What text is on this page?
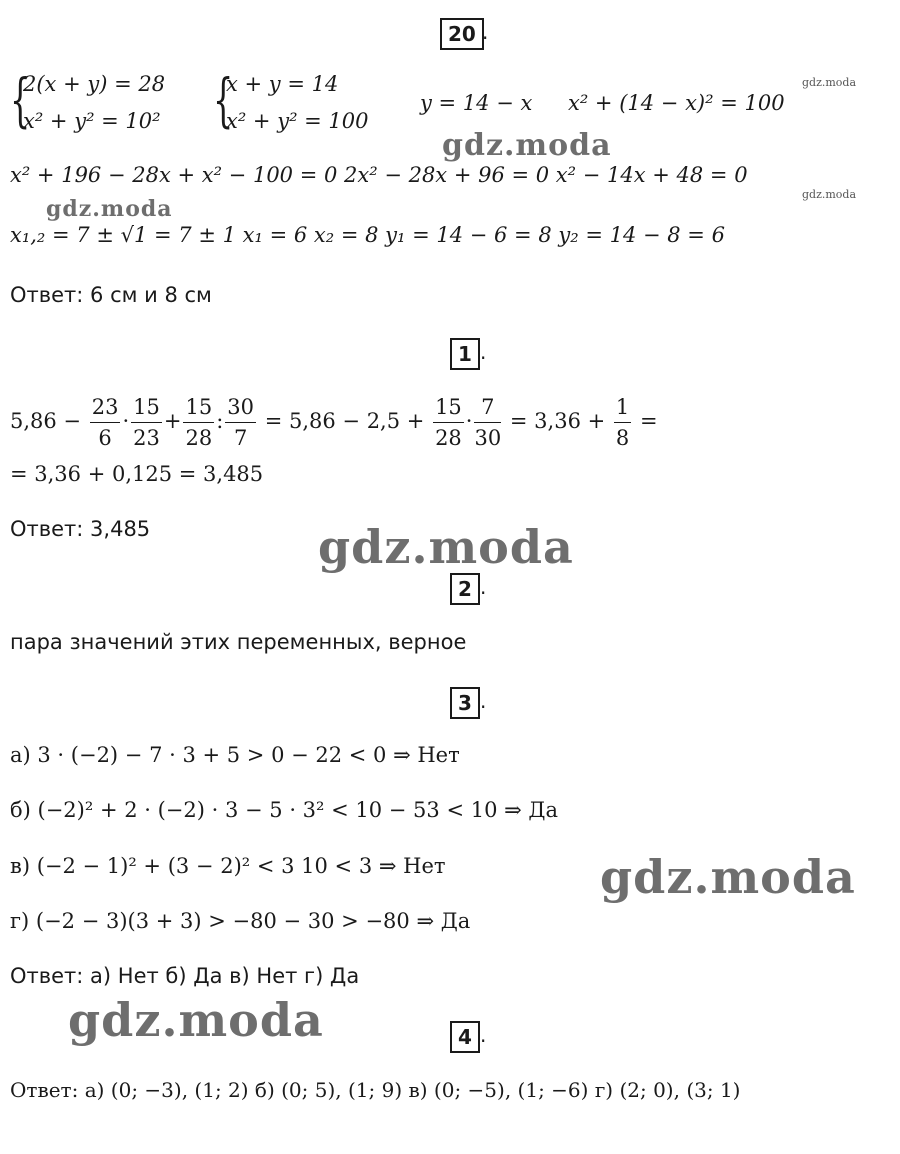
20 .
{
2(x + y) = 28
x² + y² = 10² {
x + y = 14
x² + y² = 100
y = 14 − x x² + (14 − x)² = 100
x² + 196 − 28x + x² − 100 = 0 2x² − 28x + 96 = 0 x² − 14x + 48 = 0
x₁,₂ = 7 ± √1 = 7 ± 1 x₁ = 6 x₂ = 8 y₁ = 14 − 6 = 8 y₂ = 14 − 8 = 6
Ответ: 6 см и 8 см
1 .
$5,86 - \frac{23}{6} \cdot \frac{15}{23} + \frac{15}{28}$ : $\frac{30}{7} = 5,86 - 2,5 + \frac{15}{28} \cdot \frac{7}{30} = 3,36 + \frac{1}{8}$ =
= 3,36 + 0,125 = 3,485
Ответ: 3,485
2 .
пара значений этих переменных, верное
3 .
а) 3 · (−2) − 7 · 3 + 5 > 0 − 22 < 0 ⇒ Нет
б) (−2)² + 2 · (−2) · 3 − 5 · 3² < 10 − 53 < 10 ⇒ Да
в) (−2 − 1)² + (3 − 2)² < 3 10 < 3 ⇒ Нет
г) (−2 − 3)(3 + 3) > −80 − 30 > −80 ⇒ Да
Ответ: а) Нет б) Да в) Нет г) Да
4 .
Ответ: а) (0; −3), (1; 2) б) (0; 5), (1; 9) в) (0; −5), (1; −6) г) (2; 0), (3; 1)
gdz.moda
gdz.moda
gdz.moda
gdz.moda
gdz.moda
gdz.moda
gdz.moda
